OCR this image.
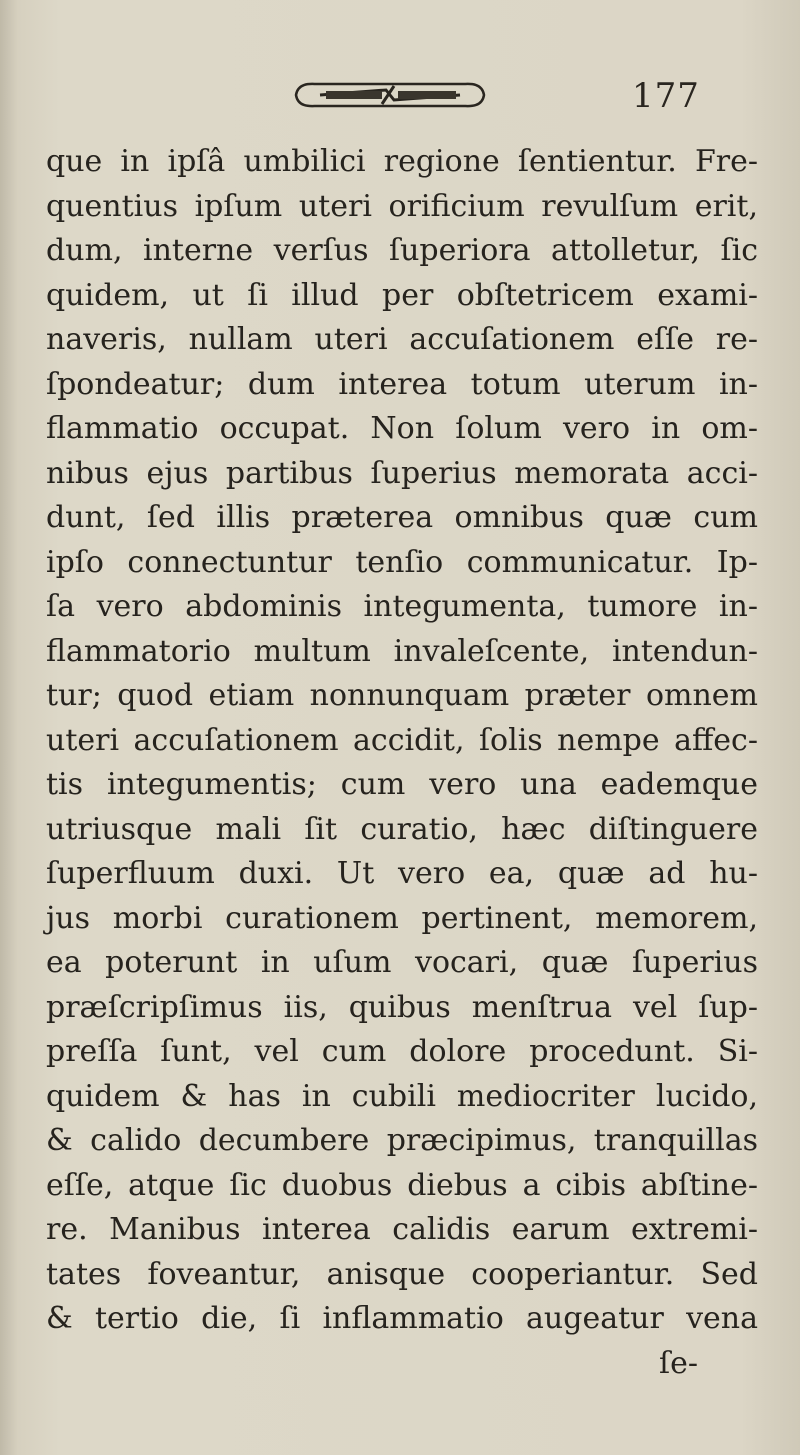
177
que in ipſâ umbilici regione ſentientur. Fre-
quentius ipſum uteri orificium revulſum erit,
dum, interne verſus ſuperiora attolletur, ſic
quidem, ut ſi illud per obſtetricem exami-
naveris, nullam uteri accuſationem eſſe re-
ſpondeatur; dum interea totum uterum in-
flammatio occupat. Non ſolum vero in om-
nibus ejus partibus ſuperius memorata acci-
dunt, ſed illis præterea omnibus quæ cum
ipſo connectuntur tenſio communicatur. Ip-
ſa vero abdominis integumenta, tumore in-
flammatorio multum invaleſcente, intendun-
tur; quod etiam nonnunquam præter omnem
uteri accuſationem accidit, ſolis nempe affec-
tis integumentis; cum vero una eademque
utriusque mali ſit curatio, hæc diſtinguere
ſuperfluum duxi. Ut vero ea, quæ ad hu-
jus morbi curationem pertinent, memorem,
ea poterunt in uſum vocari, quæ ſuperius
præſcripſimus iis, quibus menſtrua vel ſup-
preſſa ſunt, vel cum dolore procedunt. Si-
quidem & has in cubili mediocriter lucido,
& calido decumbere præcipimus, tranquillas
eſſe, atque ſic duobus diebus a cibis abſtine-
re. Manibus interea calidis earum extremi-
tates foveantur, anisque cooperiantur. Sed
& tertio die, ſi inflammatio augeatur vena
ſe-
